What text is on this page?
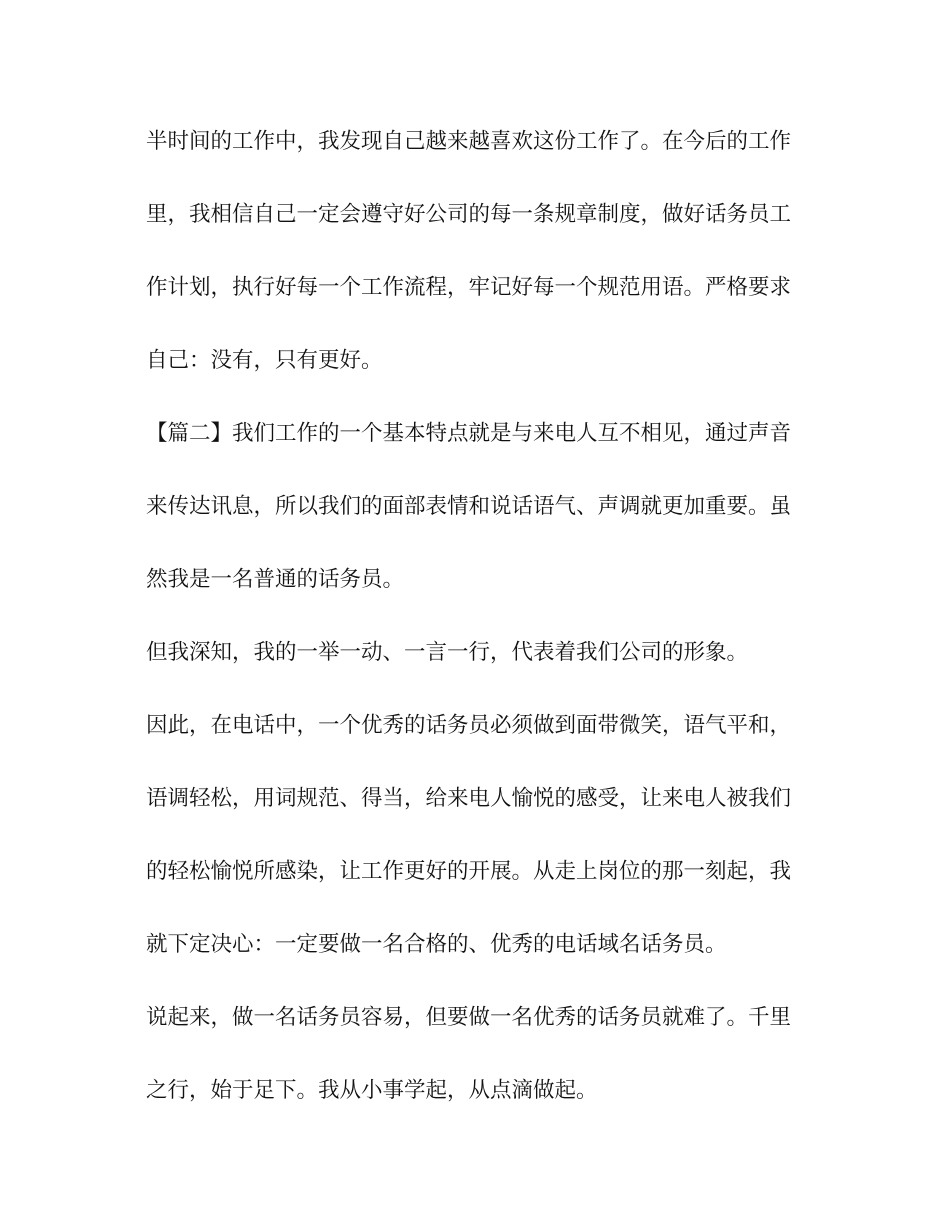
半时间的工作中，我发现自己越来越喜欢这份工作了。在今后的工作
里，我相信自己一定会遵守好公司的每一条规章制度，做好话务员工
作计划，执行好每一个工作流程，牢记好每一个规范用语。严格要求
自己：没有，只有更好。
【篇二】我们工作的一个基本特点就是与来电人互不相见，通过声音
来传达讯息，所以我们的面部表情和说话语气、声调就更加重要。虽
然我是一名普通的话务员。
但我深知，我的一举一动、一言一行，代表着我们公司的形象。
因此，在电话中，一个优秀的话务员必须做到面带微笑，语气平和，
语调轻松，用词规范、得当，给来电人愉悦的感受，让来电人被我们
的轻松愉悦所感染，让工作更好的开展。从走上岗位的那一刻起，我
就下定决心：一定要做一名合格的、优秀的电话域名话务员。
说起来，做一名话务员容易，但要做一名优秀的话务员就难了。千里
之行，始于足下。我从小事学起，从点滴做起。
